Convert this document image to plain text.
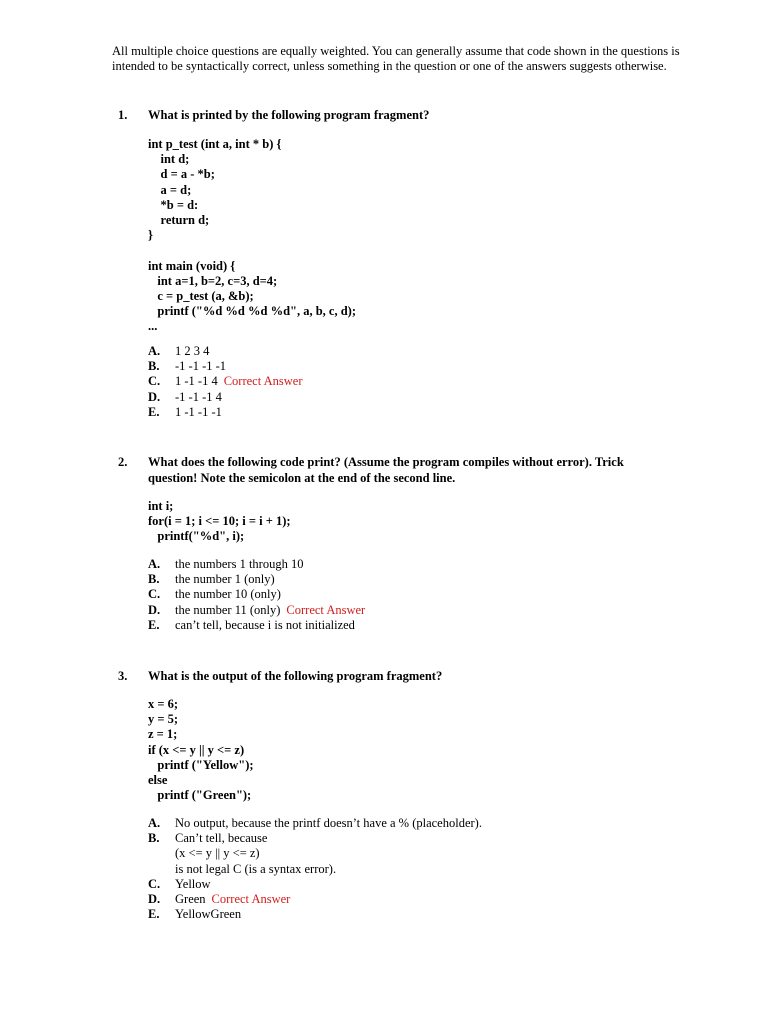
All multiple choice questions are equally weighted. You can generally assume that code shown in the questions is intended to be syntactically correct, unless something in the question or one of the answers suggests otherwise.
1. What is printed by the following program fragment?
int p_test (int a, int * b) {
int d;
d = a - *b;
a = d;
*b = d:
return d;
}
int main (void) {
int a=1, b=2, c=3, d=4;
c = p_test (a, &b);
printf ("%d %d %d %d", a, b, c, d);
...
A.	1 2 3 4
B.	-1 -1 -1 -1
C.	1 -1 -1 4 Correct Answer
D.	-1 -1 -1 4
E.	1 -1 -1 -1
2. What does the following code print? (Assume the program compiles without error). Trick question! Note the semicolon at the end of the second line.
int i;
for(i = 1; i <= 10; i = i + 1);
printf("%d", i);
A.	the numbers 1 through 10
B.	the number 1 (only)
C.	the number 10 (only)
D.	the number 11 (only) Correct Answer
E.	can’t tell, because i is not initialized
3. What is the output of the following program fragment?
x = 6;
y = 5;
z = 1;
if (x <= y || y <= z)
printf ("Yellow");
else
printf ("Green");
A.	No output, because the printf doesn’t have a % (placeholder).
B.	Can’t tell, because
(x <= y || y <= z)
is not legal C (is a syntax error).
C.	Yellow
D.	Green Correct Answer
E.	YellowGreen
